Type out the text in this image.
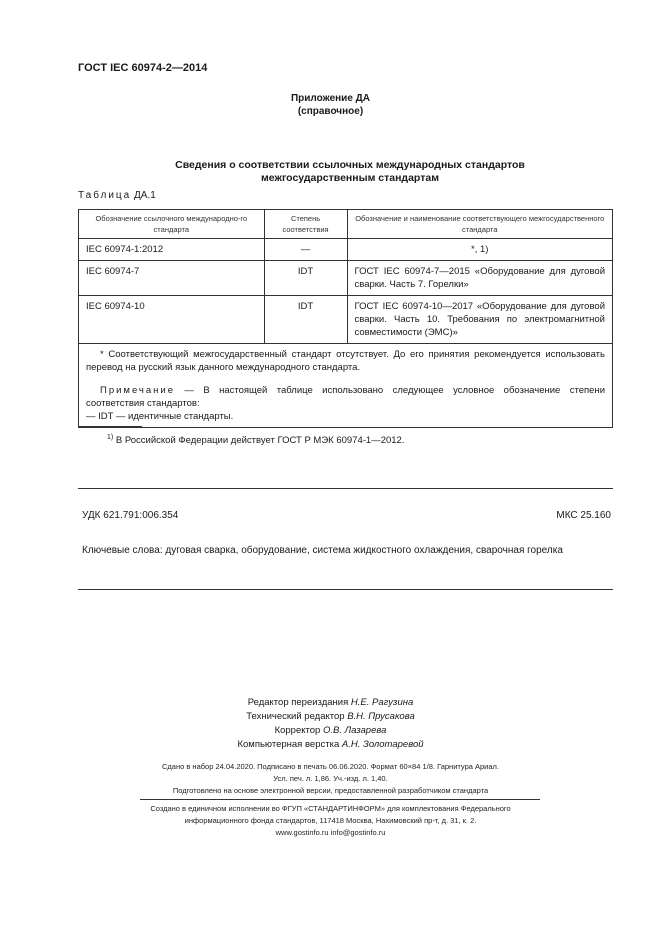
ГОСТ IEC 60974-2—2014
Приложение ДА
(справочное)
Сведения о соответствии ссылочных международных стандартов
межгосударственным стандартам
Таблица ДА.1
Обозначение ссылочного международно-го стандарта	Степень соответствия	Обозначение и наименование соответствующего межгосударственного стандарта
IEC 60974-1:2012	—	*, 1)
IEC 60974-7	IDT	ГОСТ IEC 60974-7—2015 «Оборудование для дуговой сварки. Часть 7. Горелки»
IEC 60974-10	IDT	ГОСТ IEC 60974-10—2017 «Оборудование для дуговой сварки. Часть 10. Требования по электромагнитной совместимости (ЭМС)»

* Соответствующий межгосударственный стандарт отсутствует. До его принятия рекомендуется использовать перевод на русский язык данного международного стандарта.
Примечание — В настоящей таблице использовано следующее условное обозначение степени соответствия стандартов:
— IDT — идентичные стандарты.		
$^{1)}$ В Российской Федерации действует ГОСТ Р МЭК 60974-1—2012.
УДК 621.791:006.354	МКС 25.160
Ключевые слова: дуговая сварка, оборудование, система жидкостного охлаждения, сварочная горелка
Редактор переиздания Н.Е. Рагузина
Технический редактор В.Н. Прусакова
Корректор О.В. Лазарева
Компьютерная верстка А.Н. Золотаревой
Сдано в набор 24.04.2020. Подписано в печать 06.06.2020. Формат 60×84 1/8. Гарнитура Ариал.
Усл. печ. л. 1,86. Уч.-изд. л. 1,40.
Подготовлено на основе электронной версии, предоставленной разработчиком стандарта
Создано в единичном исполнении во ФГУП «СТАНДАРТИНФОРМ» для комплектования Федерального
информационного фонда стандартов, 117418 Москва, Нахимовский пр-т, д. 31, к. 2.
www.gostinfo.ru info@gostinfo.ru
